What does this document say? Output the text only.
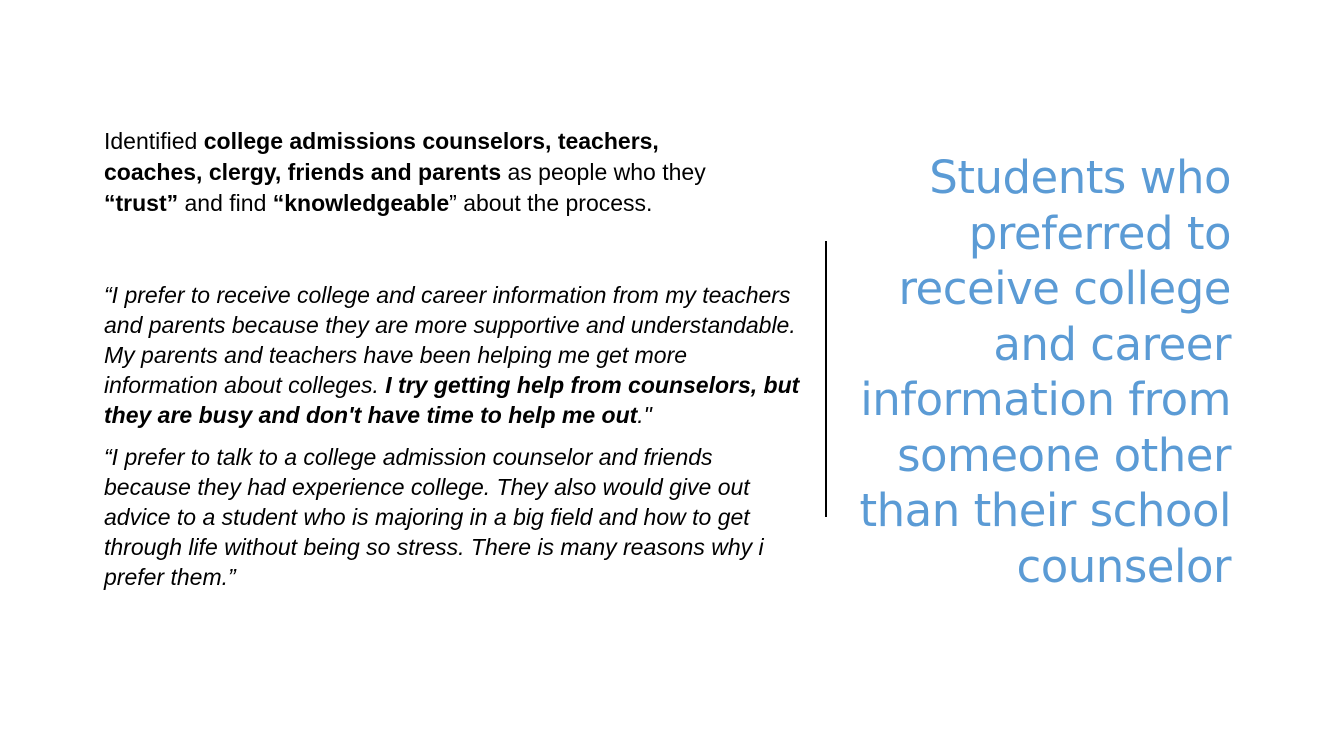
Identified college admissions counselors, teachers,
coaches, clergy, friends and parents as people who they
“trust” and find “knowledgeable” about the process.

“I prefer to receive college and career information from my teachers and parents because they are more supportive and understandable. My parents and teachers have been helping me get more information about colleges. I try getting help from counselors, but they are busy and don't have time to help me out."

“I prefer to talk to a college admission counselor and friends because they had experience college. They also would give out advice to a student who is majoring in a big field and how to get through life without being so stress. There is many reasons why i prefer them.”

Students who
preferred to
receive college
and career
information from
someone other
than their school
counselor
